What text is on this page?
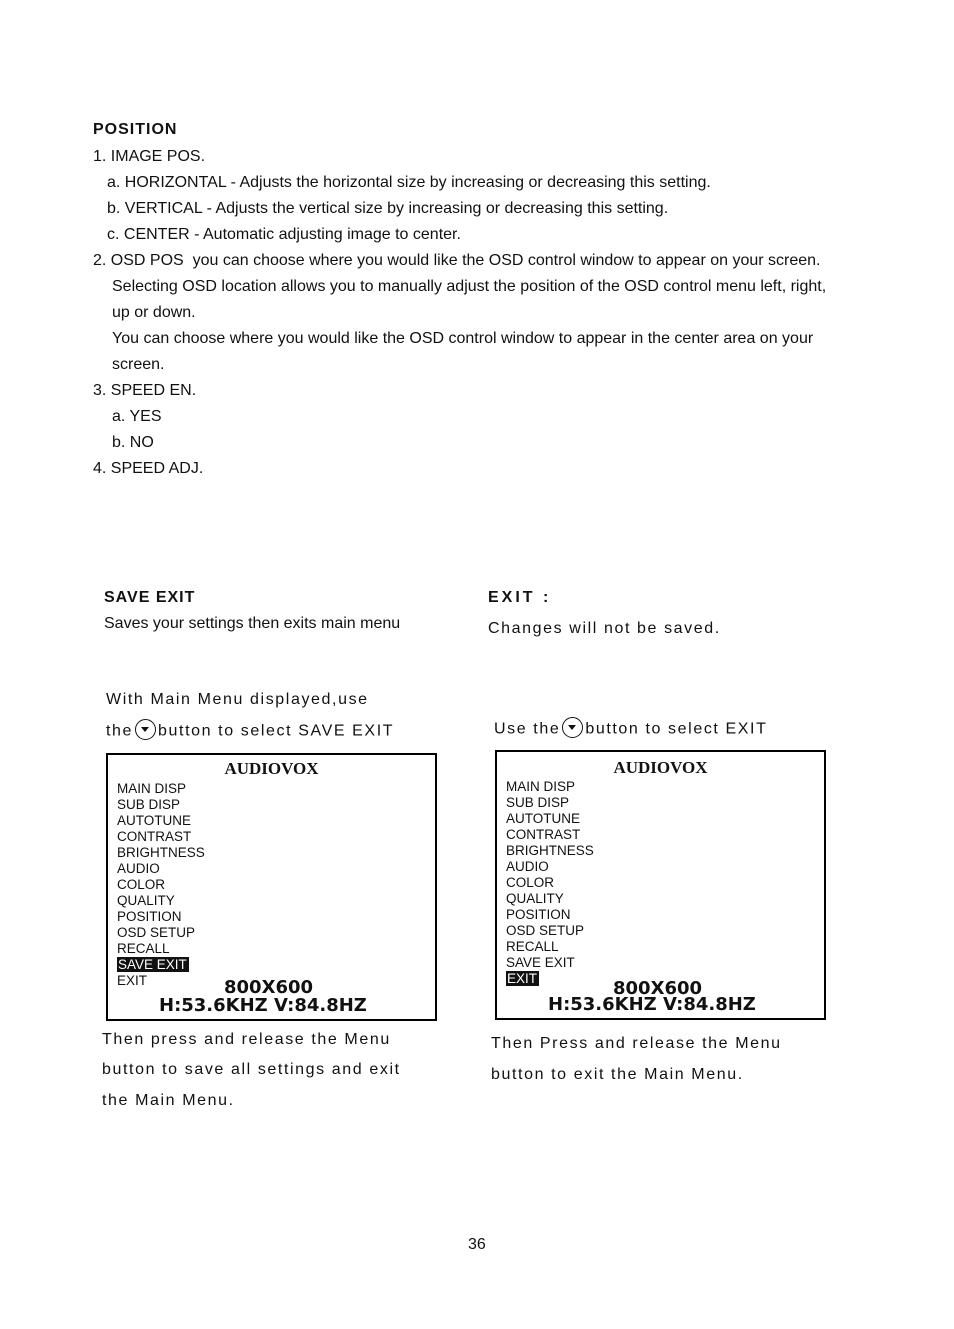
POSITION
1. IMAGE POS.
a. HORIZONTAL - Adjusts the horizontal size by increasing or decreasing this setting.
b. VERTICAL - Adjusts the vertical size by increasing or decreasing this setting.
c. CENTER - Automatic adjusting image to center.
2. OSD POS  you can choose where you would like the OSD control window to appear on your screen.
Selecting OSD location allows you to manually adjust the position of the OSD control menu left, right,
up or down.
You can choose where you would like the OSD control window to appear in the center area on your
screen.
3. SPEED EN.
a. YES
b. NO
4. SPEED ADJ.
SAVE EXIT
Saves your settings then exits main menu
With Main Menu displayed,use
the button to select SAVE EXIT
AUDIOVOX
MAIN DISP
SUB DISP
AUTOTUNE
CONTRAST
BRIGHTNESS
AUDIO
COLOR
QUALITY
POSITION
OSD SETUP
RECALL
SAVE EXIT
EXIT	800X600
H:53.6KHZ V:84.8HZ
Then press and release the Menu
button to save all settings and exit
the Main Menu.
EXIT :
Changes will not be saved.
Use the button to select EXIT
AUDIOVOX
MAIN DISP
SUB DISP
AUTOTUNE
CONTRAST
BRIGHTNESS
AUDIO
COLOR
QUALITY
POSITION
OSD SETUP
RECALL
SAVE EXIT
EXIT	800X600
H:53.6KHZ V:84.8HZ
Then Press and release the Menu
button to exit the Main Menu.
36
